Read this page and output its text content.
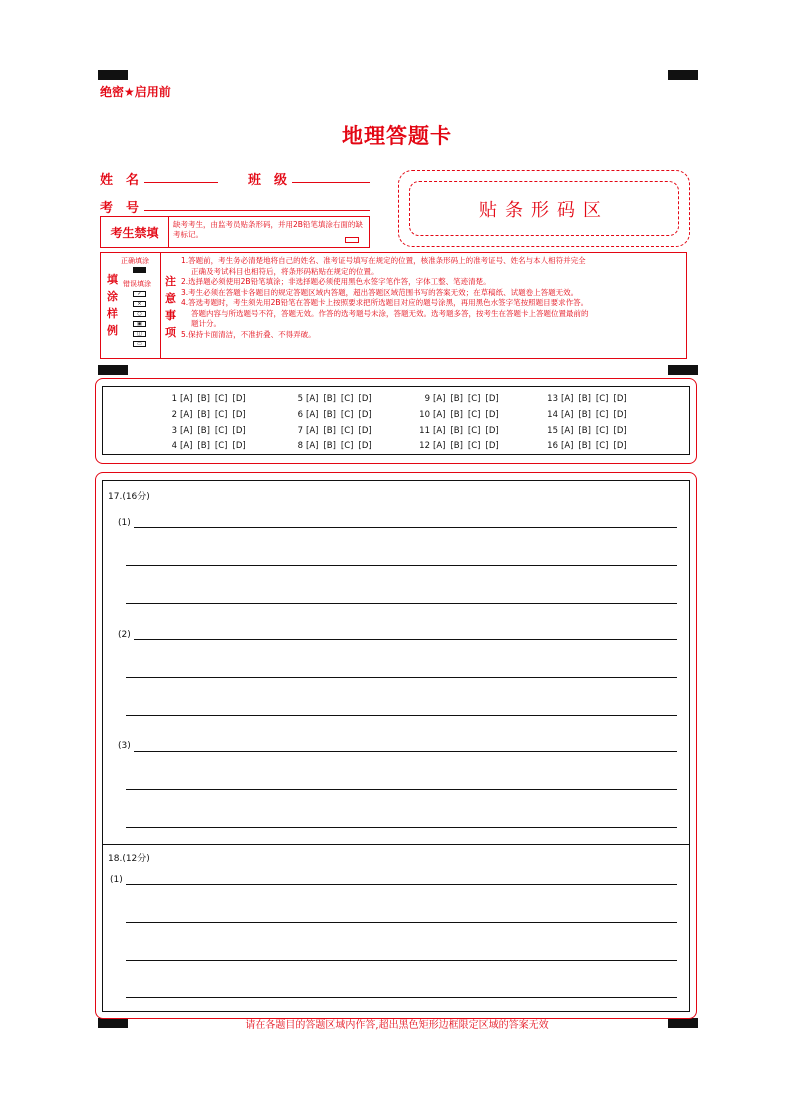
绝密★启用前
地理答题卡
姓　名	班　级
考　号	贴条形码区
考生禁填
缺考考生，由监考员贴条形码，并用2B铅笔填涂右面的缺考标记。
正确填涂
错误填涂
填涂样例
✓
×
○
▣
◫
▭
注意事项
1.答题前，考生务必清楚地将自己的姓名、准考证号填写在规定的位置，核准条形码上的准考证号、姓名与本人相符并完全
正确及考试科目也相符后，将条形码粘贴在规定的位置。
2.选择题必须使用2B铅笔填涂；非选择题必须使用黑色水签字笔作答，字体工整、笔迹清楚。
3.考生必须在答题卡各题目的规定答题区域内答题，超出答题区域范围书写的答案无效；在草稿纸、试题卷上答题无效。
4.答选考题时，考生须先用2B铅笔在答题卡上按照要求把所选题目对应的题号涂黑，再用黑色水签字笔按照题目要求作答。
答题内容与所选题号不符，答题无效。作答的选考题号未涂，答题无效。选考题多答，按考生在答题卡上答题位置最前的
题计分。
5.保持卡面清洁，不准折叠、不得弄破。
1 [A] [B] [C] [D]
2 [A] [B] [C] [D]
3 [A] [B] [C] [D]
4 [A] [B] [C] [D]
5 [A] [B] [C] [D]
6 [A] [B] [C] [D]
7 [A] [B] [C] [D]
8 [A] [B] [C] [D]
9 [A] [B] [C] [D]
10 [A] [B] [C] [D]
11 [A] [B] [C] [D]
12 [A] [B] [C] [D]
13 [A] [B] [C] [D]
14 [A] [B] [C] [D]
15 [A] [B] [C] [D]
16 [A] [B] [C] [D]
17.(16分)
(1)
(2)
(3)
18.(12分)
(1)
请在各题目的答题区域内作答,超出黑色矩形边框限定区域的答案无效
